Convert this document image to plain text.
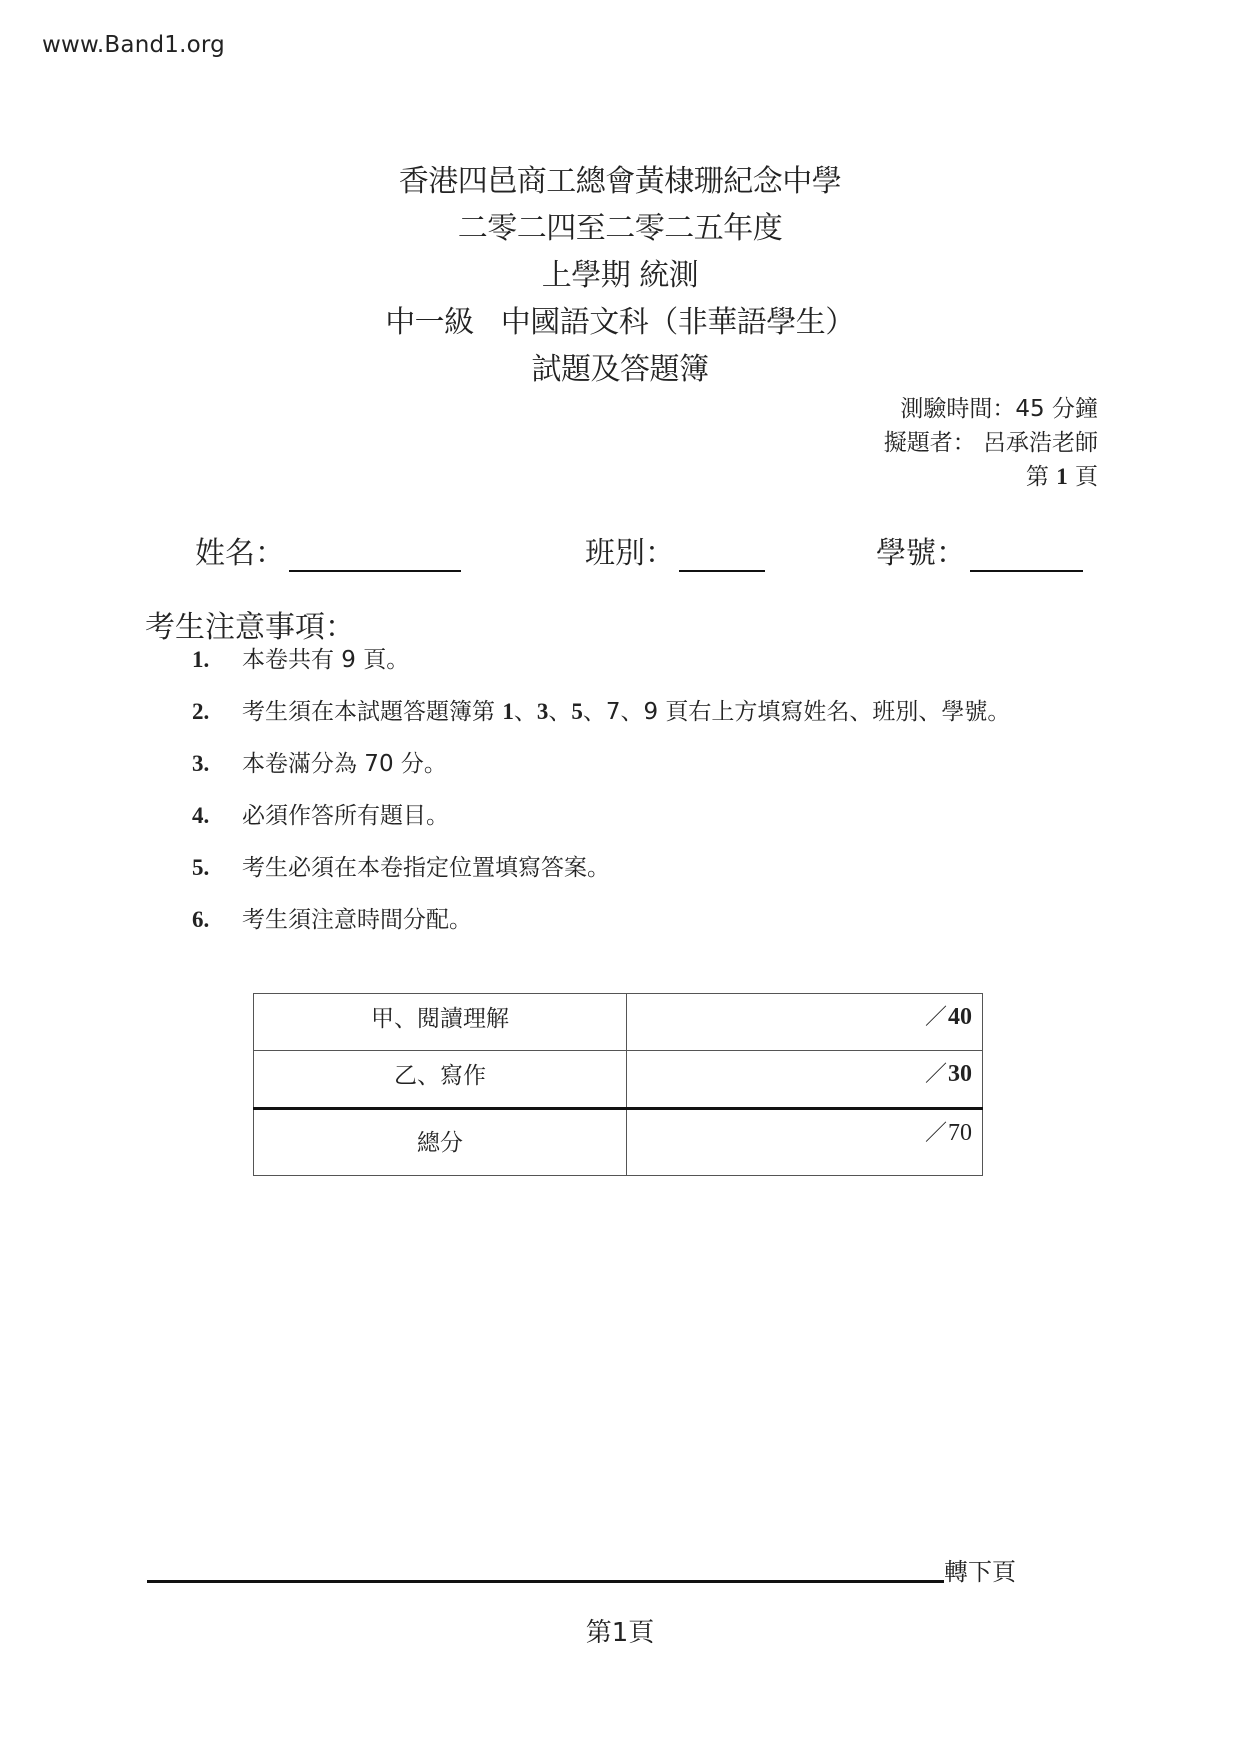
www.Band1.org
香港四邑商工總會黃棣珊紀念中學
二零二四至二零二五年度
上學期 統測
中一級   中國語文科（非華語學生）
試題及答題簿
測驗時間：45 分鐘
擬題者： 呂承浩老師
第 1 頁
姓名：	班別：	學號：
考生注意事項：
1.	本卷共有 9 頁。
2.	考生須在本試題答題簿第 1、3、5、7、9 頁右上方填寫姓名、班別、學號。
3.	本卷滿分為 70 分。
4.	必須作答所有題目。
5.	考生必須在本卷指定位置填寫答案。
6.	考生須注意時間分配。
甲、閱讀理解	／40
乙、寫作	／30
總分	／70
轉下頁
第1頁
